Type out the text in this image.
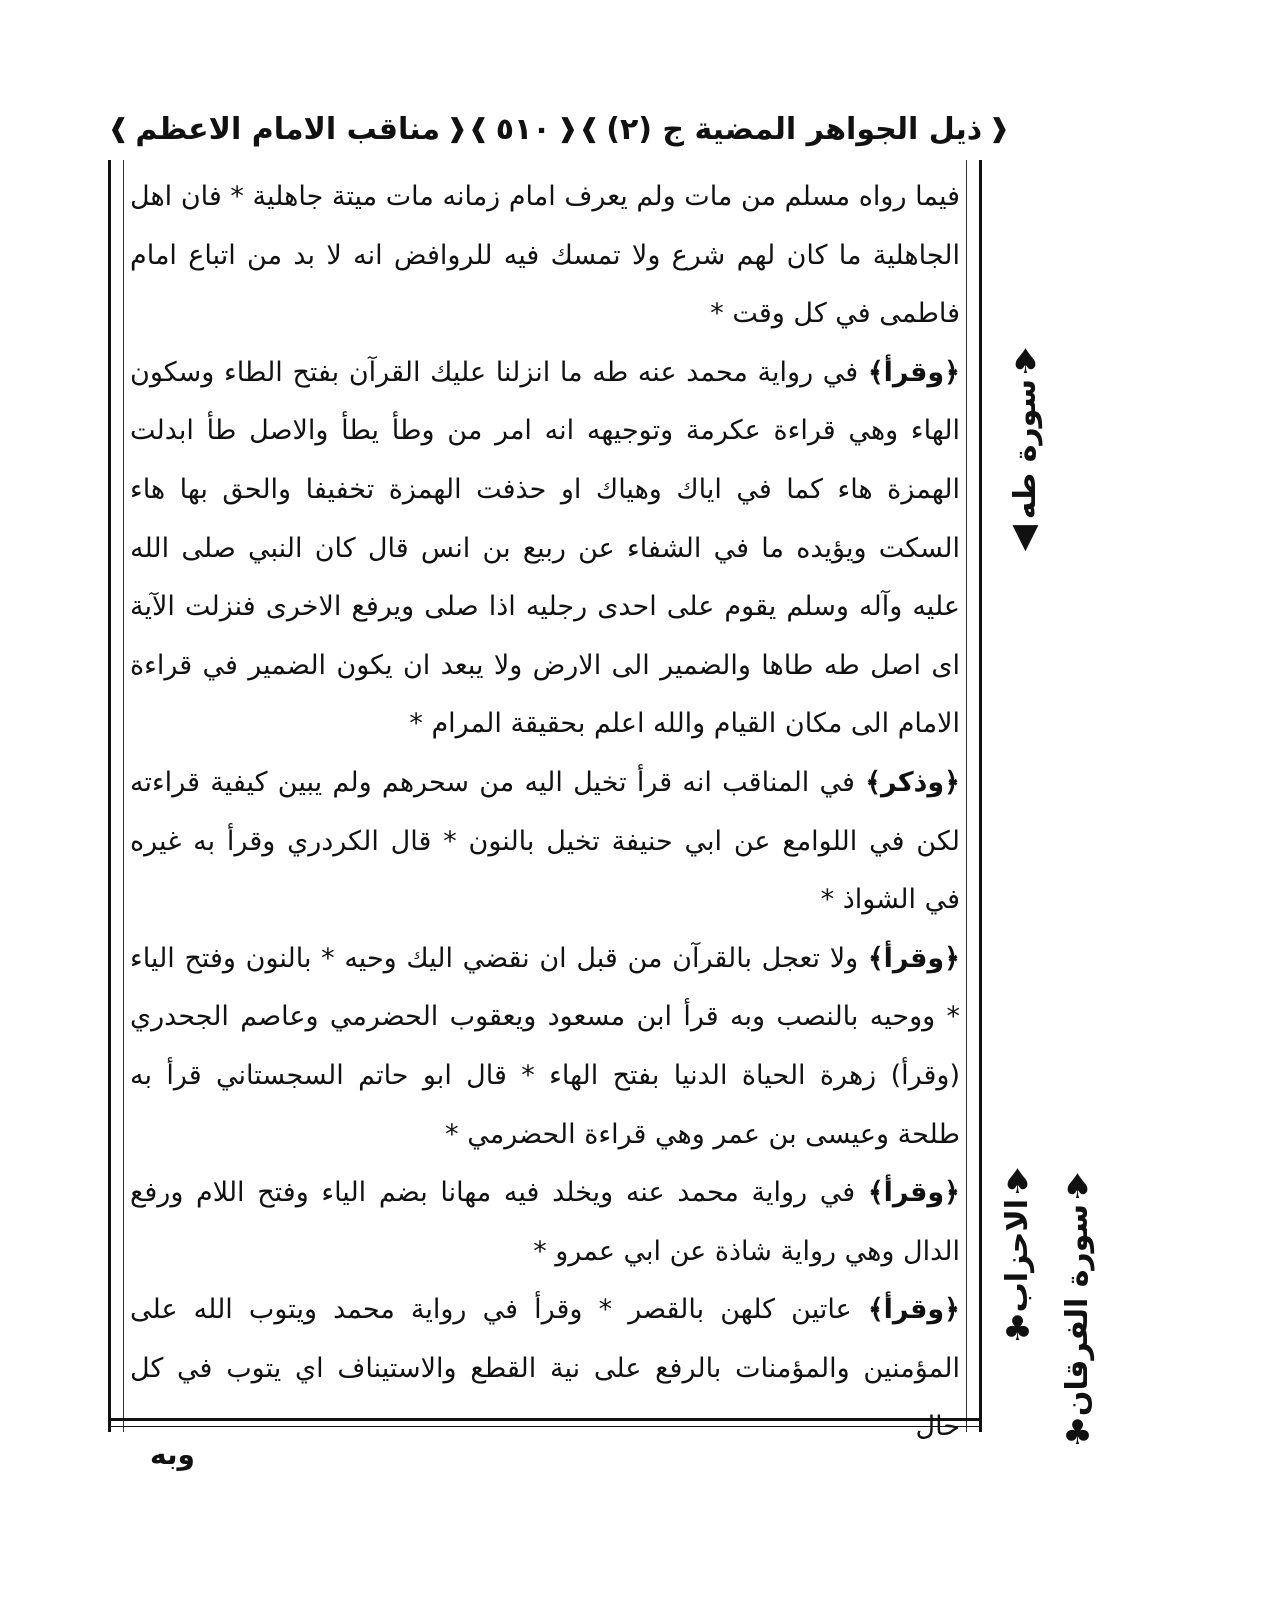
❰
ذيل الجواهر المضية ج (٢)
❱
❰
٥١٠
❱
❰
مناقب الامام الاعظم
❱

فيما رواه مسلم من مات ولم يعرف امام زمانه مات ميتة جاهلية * فان اهل الجاهلية ما كان لهم شرع ولا تمسك فيه للروافض انه لا بد من اتباع امام فاطمى في كل وقت *

﴿وقرأ﴾ في رواية محمد عنه طه ما انزلنا عليك القرآن بفتح الطاء وسكون الهاء وهي قراءة عكرمة وتوجيهه انه امر من وطأ يطأ والاصل طأ ابدلت الهمزة هاء كما في اياك وهياك او حذفت الهمزة تخفيفا والحق بها هاء السكت ويؤيده ما في الشفاء عن ربيع بن انس قال كان النبي صلى الله عليه وآله وسلم يقوم على احدى رجليه اذا صلى ويرفع الاخرى فنزلت الآية اى اصل طه طاها والضمير الى الارض ولا يبعد ان يكون الضمير في قراءة الامام الى مكان القيام والله اعلم بحقيقة المرام *

﴿وذكر﴾ في المناقب انه قرأ تخيل اليه من سحرهم ولم يبين كيفية قراءته لكن في اللوامع عن ابي حنيفة تخيل بالنون * قال الكردري وقرأ به غيره في الشواذ *

﴿وقرأ﴾ ولا تعجل بالقرآن من قبل ان نقضي اليك وحيه * بالنون وفتح الياء * ووحيه بالنصب وبه قرأ ابن مسعود ويعقوب الحضرمي وعاصم الجحدري (وقرأ) زهرة الحياة الدنيا بفتح الهاء * قال ابو حاتم السجستاني قرأ به طلحة وعيسى بن عمر وهي قراءة الحضرمي *

﴿وقرأ﴾ في رواية محمد عنه ويخلد فيه مهانا بضم الياء وفتح اللام ورفع الدال وهي رواية شاذة عن ابي عمرو *

﴿وقرأ﴾ عاتين كلهن بالقصر * وقرأ في رواية محمد ويتوب الله على المؤمنين والمؤمنات بالرفع على نية القطع والاستيناف اي يتوب في كل حال

♠
سورة طه
▼
♠
سورة الفرقان
♣
♠
الاحزاب
♣
وبه
